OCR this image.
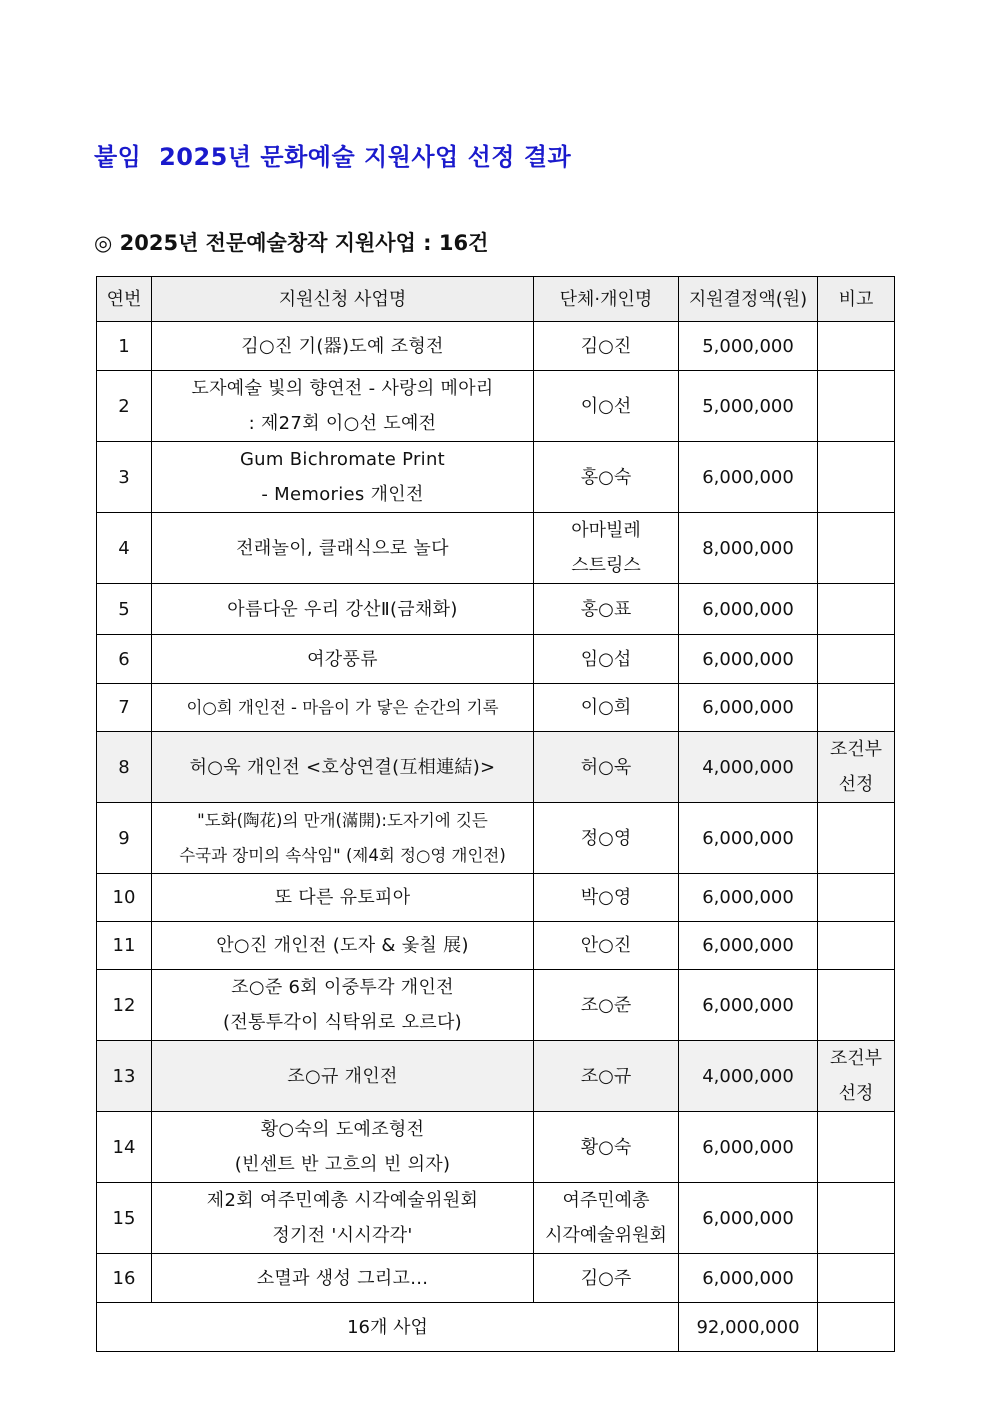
붙임  2025년 문화예술 지원사업 선정 결과
◎ 2025년 전문예술창작 지원사업 : 16건
연번	지원신청 사업명	단체·개인명	지원결정액(원)	비고
1	김○진 기(器)도예 조형전	김○진	5,000,000	
2	도자예술 빛의 향연전 - 사랑의 메아리
: 제27회 이○선 도예전	이○선	5,000,000	
3	Gum Bichromate Print
- Memories 개인전	홍○숙	6,000,000	
4	전래놀이, 클래식으로 놀다	아마빌레
스트링스	8,000,000	
5	아름다운 우리 강산Ⅱ(금채화)	홍○표	6,000,000	
6	여강풍류	임○섭	6,000,000	
7	이○희 개인전 - 마음이 가 닿은 순간의 기록	이○희	6,000,000	
8	허○욱 개인전 <호상연결(互相連結)>	허○욱	4,000,000	조건부
선정

9	"도화(陶花)의 만개(滿開):도자기에 깃든
수국과 장미의 속삭임" (제4회 정○영 개인전)	정○영	6,000,000	
10	또 다른 유토피아	박○영	6,000,000	
11	안○진 개인전 (도자 & 옻칠 展)	안○진	6,000,000	
12	조○준 6회 이중투각 개인전
(전통투각이 식탁위로 오르다)	조○준	6,000,000	
13	조○규 개인전	조○규	4,000,000	조건부
선정

14	황○숙의 도예조형전
(빈센트 반 고흐의 빈 의자)	황○숙	6,000,000	
15	제2회 여주민예총 시각예술위원회
정기전 '시시각각'	여주민예총
시각예술위원회	6,000,000	
16	소멸과 생성 그리고...	김○주	6,000,000	
16개 사업			92,000,000	
